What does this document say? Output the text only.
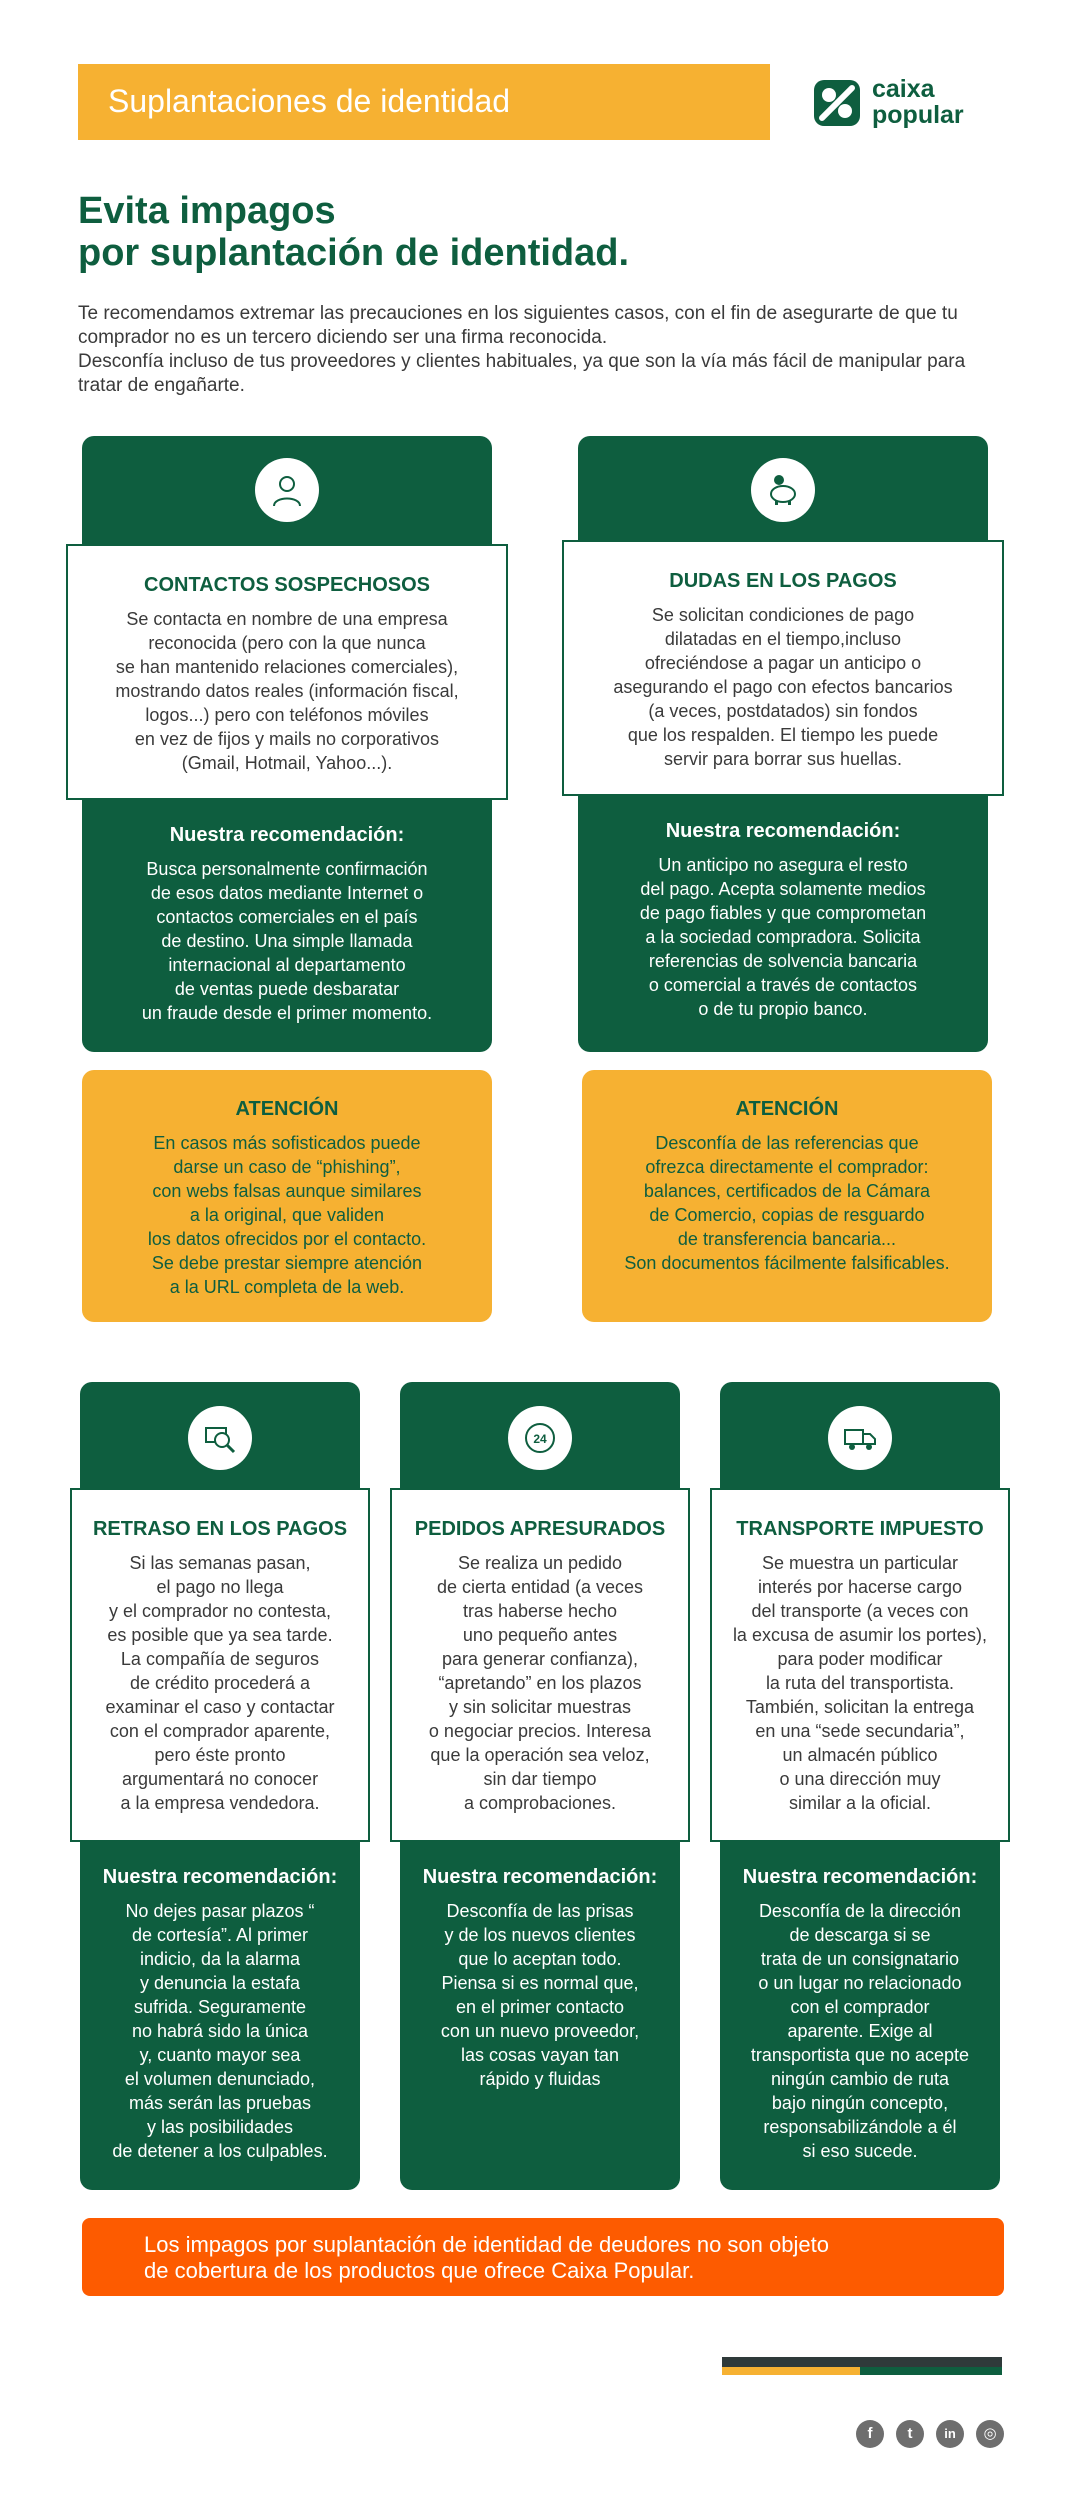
Suplantaciones de identidad	caixa
popular
Evita impagos
por suplantación de identidad.
Te recomendamos extremar las precauciones en los siguientes casos, con el fin de asegurarte de que tu comprador no es un tercero diciendo ser una firma reconocida.
Desconfía incluso de tus proveedores y clientes habituales, ya que son la vía más fácil de manipular para tratar de engañarte.
CONTACTOS SOSPECHOSOS

Se contacta en nombre de una empresa
reconocida (pero con la que nunca
se han mantenido relaciones comerciales),
mostrando datos reales (información fiscal,
logos...) pero con teléfonos móviles
en vez de fijos y mails no corporativos
(Gmail, Hotmail, Yahoo...).

Nuestra recomendación:

Busca personalmente confirmación
de esos datos mediante Internet o
contactos comerciales en el país
de destino. Una simple llamada
internacional al departamento
de ventas puede desbaratar
un fraude desde el primer momento.

DUDAS EN LOS PAGOS

Se solicitan condiciones de pago
dilatadas en el tiempo,incluso
ofreciéndose a pagar un anticipo o
asegurando el pago con efectos bancarios
(a veces, postdatados) sin fondos
que los respalden. El tiempo les puede
servir para borrar sus huellas.

Nuestra recomendación:

Un anticipo no asegura el resto
del pago. Acepta solamente medios
de pago fiables y que comprometan
a la sociedad compradora. Solicita
referencias de solvencia bancaria
o comercial a través de contactos
o de tu propio banco.

ATENCIÓN

En casos más sofisticados puede
darse un caso de “phishing”,
con webs falsas aunque similares
a la original, que validen
los datos ofrecidos por el contacto.
Se debe prestar siempre atención
a la URL completa de la web.

ATENCIÓN

Desconfía de las referencias que
ofrezca directamente el comprador:
balances, certificados de la Cámara
de Comercio, copias de resguardo
de transferencia bancaria...
Son documentos fácilmente falsificables.

RETRASO EN LOS PAGOS

Si las semanas pasan,
el pago no llega
y el comprador no contesta,
es posible que ya sea tarde.
La compañía de seguros
de crédito procederá a
examinar el caso y contactar
con el comprador aparente,
pero éste pronto
argumentará no conocer
a la empresa vendedora.

Nuestra recomendación:

No dejes pasar plazos “
de cortesía”. Al primer
indicio, da la alarma
y denuncia la estafa
sufrida. Seguramente
no habrá sido la única
y, cuanto mayor sea
el volumen denunciado,
más serán las pruebas
y las posibilidades
de detener a los culpables.

24
PEDIDOS APRESURADOS

Se realiza un pedido
de cierta entidad (a veces
tras haberse hecho
uno pequeño antes
para generar confianza),
“apretando” en los plazos
y sin solicitar muestras
o negociar precios. Interesa
que la operación sea veloz,
sin dar tiempo
a comprobaciones.

Nuestra recomendación:

Desconfía de las prisas
y de los nuevos clientes
que lo aceptan todo.
Piensa si es normal que,
en el primer contacto
con un nuevo proveedor,
las cosas vayan tan
rápido y fluidas

TRANSPORTE IMPUESTO

Se muestra un particular
interés por hacerse cargo
del transporte (a veces con
la excusa de asumir los portes),
para poder modificar
la ruta del transportista.
También, solicitan la entrega
en una “sede secundaria”,
un almacén público
o una dirección muy
similar a la oficial.

Nuestra recomendación:

Desconfía de la dirección
de descarga si se
trata de un consignatario
o un lugar no relacionado
con el comprador
aparente. Exige al
transportista que no acepte
ningún cambio de ruta
bajo ningún concepto,
responsabilizándole a él
si eso sucede.

Los impagos por suplantación de identidad de deudores no son objeto
de cobertura de los productos que ofrece Caixa Popular.
f	t	in	◎
